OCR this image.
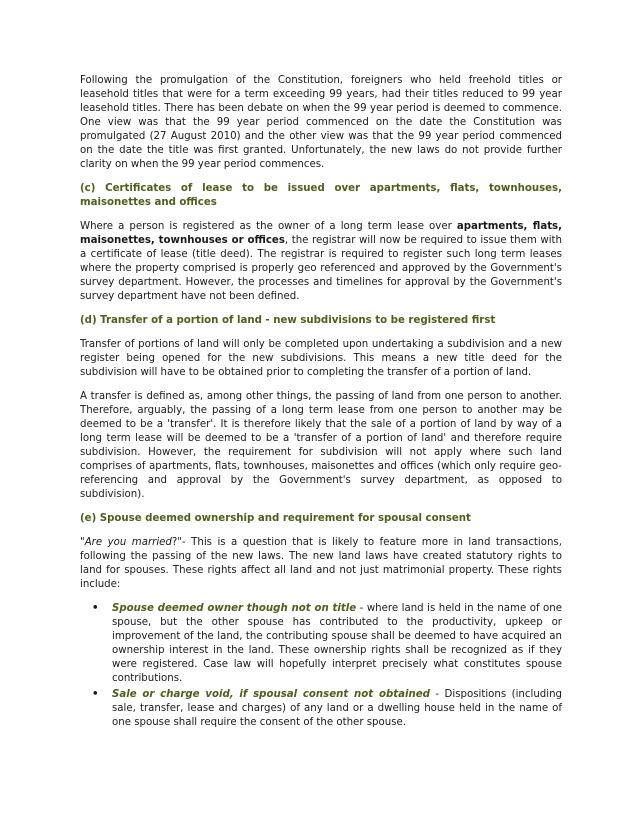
Following the promulgation of the Constitution, foreigners who held freehold titles or leasehold titles that were for a term exceeding 99 years, had their titles reduced to 99 year leasehold titles. There has been debate on when the 99 year period is deemed to commence. One view was that the 99 year period commenced on the date the Constitution was promulgated (27 August 2010) and the other view was that the 99 year period commenced on the date the title was first granted. Unfortunately, the new laws do not provide further clarity on when the 99 year period commences.

(c) Certificates of lease to be issued over apartments, flats, townhouses, maisonettes and offices

Where a person is registered as the owner of a long term lease over apartments, flats, maisonettes, townhouses or offices, the registrar will now be required to issue them with a certificate of lease (title deed). The registrar is required to register such long term leases where the property comprised is properly geo referenced and approved by the Government's survey department. However, the processes and timelines for approval by the Government's survey department have not been defined.

(d) Transfer of a portion of land - new subdivisions to be registered first

Transfer of portions of land will only be completed upon undertaking a subdivision and a new register being opened for the new subdivisions. This means a new title deed for the subdivision will have to be obtained prior to completing the transfer of a portion of land.

A transfer is defined as, among other things, the passing of land from one person to another. Therefore, arguably, the passing of a long term lease from one person to another may be deemed to be a 'transfer'. It is therefore likely that the sale of a portion of land by way of a long term lease will be deemed to be a 'transfer of a portion of land' and therefore require subdivision. However, the requirement for subdivision will not apply where such land comprises of apartments, flats, townhouses, maisonettes and offices (which only require geo-referencing and approval by the Government's survey department, as opposed to subdivision).

(e) Spouse deemed ownership and requirement for spousal consent

"Are you married?"- This is a question that is likely to feature more in land transactions, following the passing of the new laws. The new land laws have created statutory rights to land for spouses. These rights affect all land and not just matrimonial property. These rights include:

• Spouse deemed owner though not on title - where land is held in the name of one spouse, but the other spouse has contributed to the productivity, upkeep or improvement of the land, the contributing spouse shall be deemed to have acquired an ownership interest in the land. These ownership rights shall be recognized as if they were registered. Case law will hopefully interpret precisely what constitutes spouse contributions.
• Sale or charge void, if spousal consent not obtained - Dispositions (including sale, transfer, lease and charges) of any land or a dwelling house held in the name of one spouse shall require the consent of the other spouse.
